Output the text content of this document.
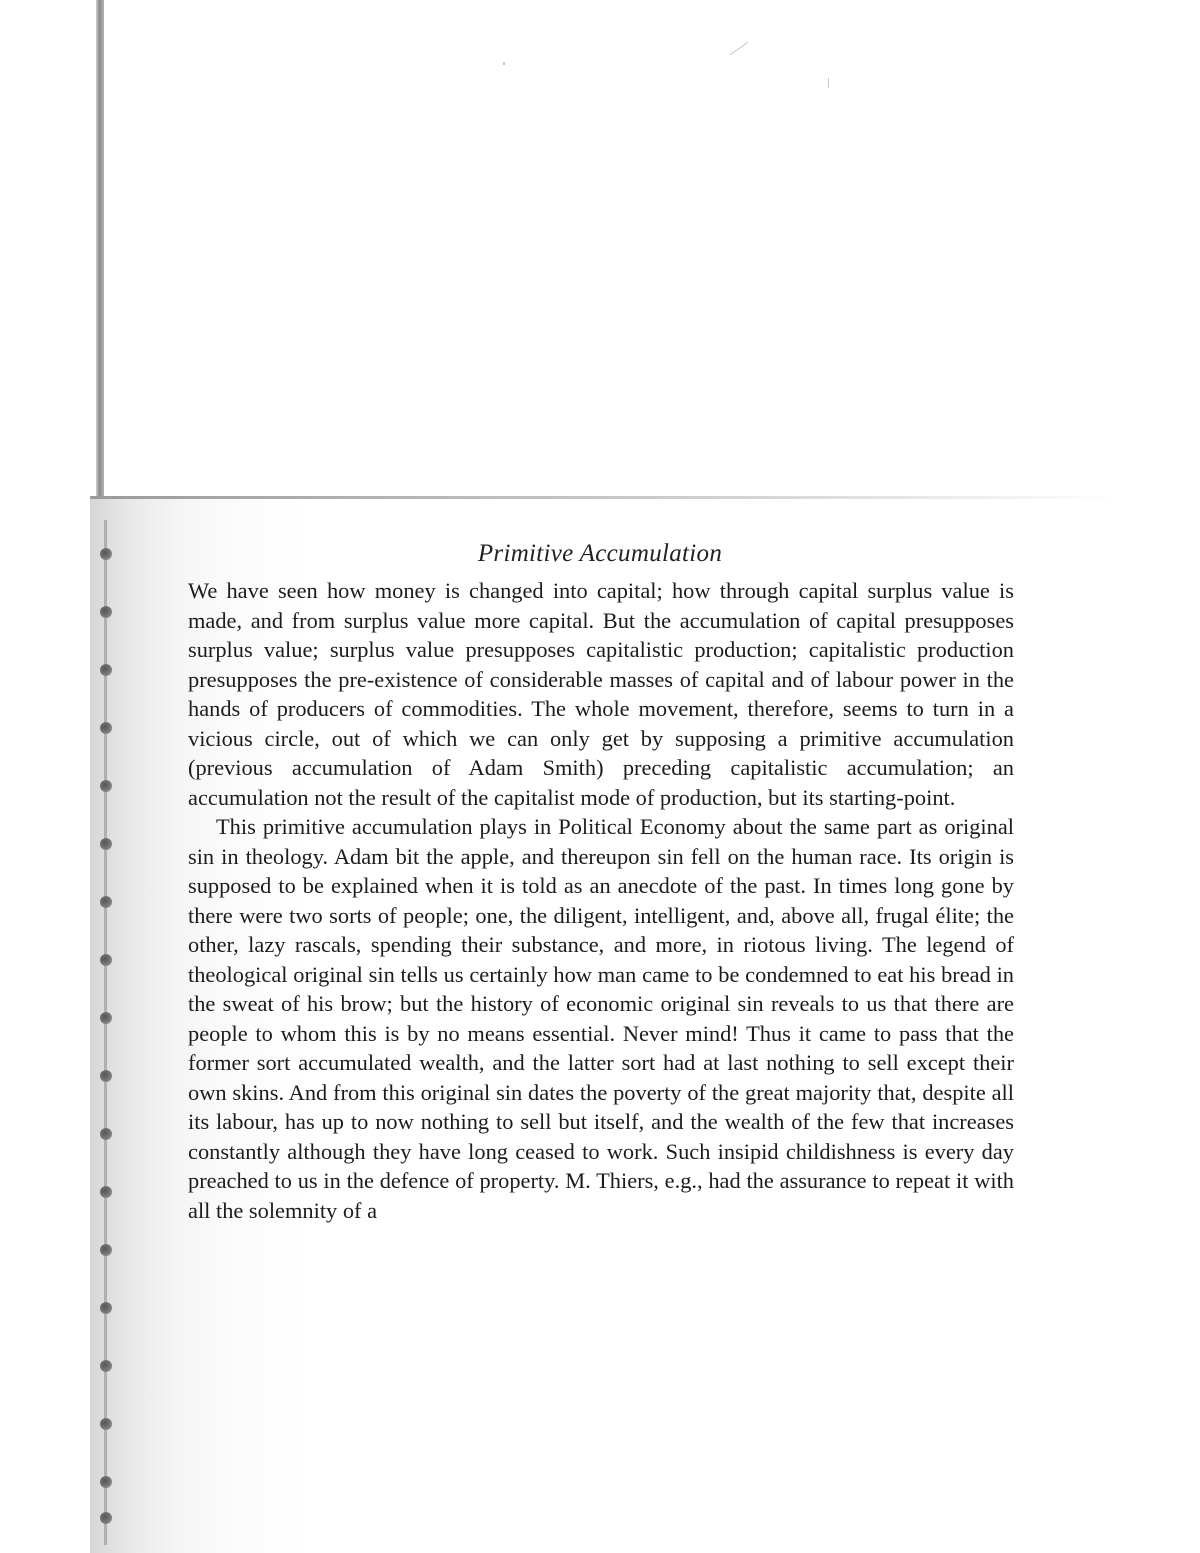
Primitive Accumulation

We have seen how money is changed into capital; how through capital surplus value is made, and from surplus value more capital. But the accumulation of capital presupposes surplus value; surplus value presupposes capitalistic production; capitalistic production presupposes the pre-existence of considerable masses of capital and of labour power in the hands of producers of commodities. The whole movement, therefore, seems to turn in a vicious circle, out of which we can only get by supposing a primitive accumulation (previous accumulation of Adam Smith) preceding capitalistic accumulation; an accumulation not the result of the capitalist mode of production, but its starting-point.

This primitive accumulation plays in Political Economy about the same part as original sin in theology. Adam bit the apple, and thereupon sin fell on the human race. Its origin is supposed to be explained when it is told as an anecdote of the past. In times long gone by there were two sorts of people; one, the diligent, intelligent, and, above all, frugal élite; the other, lazy rascals, spending their substance, and more, in riotous living. The legend of theological original sin tells us certainly how man came to be condemned to eat his bread in the sweat of his brow; but the history of economic original sin reveals to us that there are people to whom this is by no means essential. Never mind! Thus it came to pass that the former sort accumulated wealth, and the latter sort had at last nothing to sell except their own skins. And from this original sin dates the poverty of the great majority that, despite all its labour, has up to now nothing to sell but itself, and the wealth of the few that increases constantly although they have long ceased to work. Such insipid childishness is every day preached to us in the defence of property. M. Thiers, e.g., had the assurance to repeat it with all the solemnity of a
